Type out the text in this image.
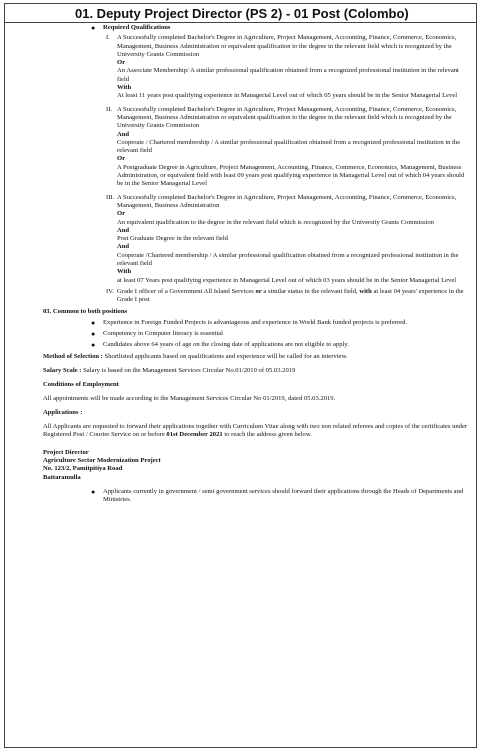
01. Deputy Project Director (PS 2) - 01 Post (Colombo)
● Required Qualifications
I. A Successfully completed Bachelor's Degree in Agriculture, Project Management, Accounting, Finance, Commerce, Economics, Management, Business Administration or equivalent qualification to the degree in the relevant field which is recognized by the University Grants Commission

Or

An Associate Membership/ A similar professional qualification obtained from a recognized professional institution in the relevant field

With

At least 11 years post qualifying experience in Managerial Level out of which 05 years should be in the Senior Managerial Level

II. A Successfully completed Bachelor's Degree in Agriculture, Project Management, Accounting, Finance, Commerce, Economics, Management, Business Administration or equivalent qualification to the degree in the relevant field which is recognized by the University Grants Commission

And

Cooperate / Chartered membership / A similar professional qualification obtained from a recognized professional institution in the relevant field

Or

A Postgraduate Degree in Agriculture, Project Management, Accounting, Finance, Commerce, Economics, Management, Business Administration, or equivalent field with least 09 years post qualifying experience in Managerial Level out of which 04 years should be in the Senior Managerial Level

III. A Successfully completed Bachelor's Degree in Agriculture, Project Management, Accounting, Finance, Commerce, Economics, Management, Business Administration

Or

An equivalent qualification to the degree in the relevant field which is recognized by the University Grants Commission

And

Post Graduate Degree in the relevant field

And

Cooperate /Chartered membership / A similar professional qualification obtained from a recognized professional institution in the relevant field

With

at least 07 Years post qualifying experience in Managerial Level out of which 03 years should be in the Senior Managerial Level

IV. Grade I officer of a Government All Island Services or a similar status in the relevant field, with at least 04 years' experience in the Grade I post

03. Common to both positions
● Experience in Foreign Funded Projects is advantageous and experience in World Bank funded projects is preferred.

● Competency in Computer literacy is essential

● Candidates above 64 years of age on the closing date of applications are not eligible to apply.

Method of Selection : Shortlisted applicants based on qualifications and experience will be called for an interview.
Salary Scale : Salary is based on the Management Services Circular No.01/2019 of 05.03.2019
Conditions of Employment
All appointments will be made according to the Management Services Circular No 01/2019, dated 05.03.2019.
Applications :
All Applicants are requested to forward their applications together with Curriculum Vitae along with two non related referees and copies of the certificates under Registered Post / Courier Service on or before 01st December 2021 to reach the address given below.
Project Director
Agriculture Sector Modernization Project
No. 123/2, Pamitpitiya Road
Battaramulla
● Applicants currently in government / semi government services should forward their applications through the Heads of Departments and Ministries.
